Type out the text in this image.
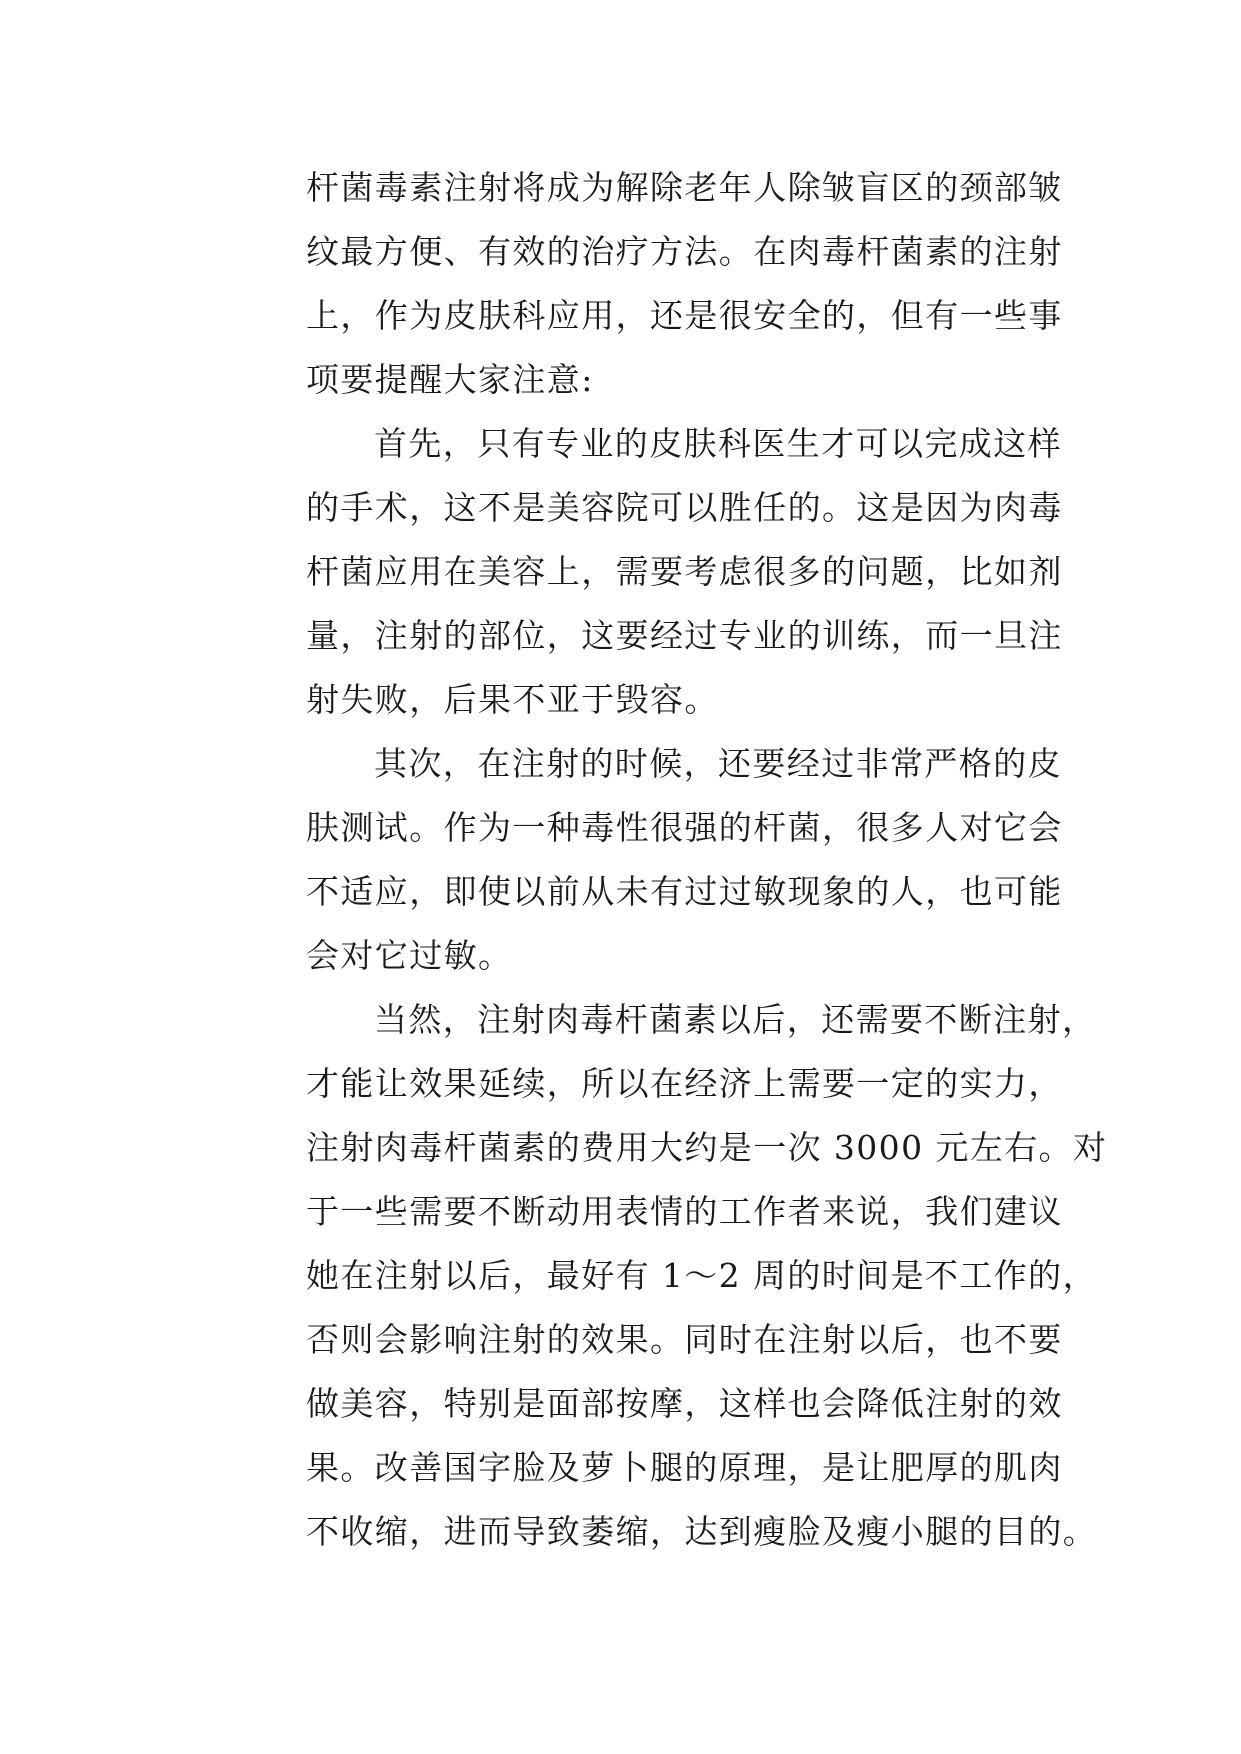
杆菌毒素注射将成为解除老年人除皱盲区的颈部皱
纹最方便、有效的治疗方法。在肉毒杆菌素的注射
上，作为皮肤科应用，还是很安全的，但有一些事
项要提醒大家注意:
首先，只有专业的皮肤科医生才可以完成这样
的手术，这不是美容院可以胜任的。这是因为肉毒
杆菌应用在美容上，需要考虑很多的问题，比如剂
量，注射的部位，这要经过专业的训练，而一旦注
射失败，后果不亚于毁容。
其次，在注射的时候，还要经过非常严格的皮
肤测试。作为一种毒性很强的杆菌，很多人对它会
不适应，即使以前从未有过过敏现象的人，也可能
会对它过敏。
当然，注射肉毒杆菌素以后，还需要不断注射，
才能让效果延续，所以在经济上需要一定的实力，
注射肉毒杆菌素的费用大约是一次 3000 元左右。对
于一些需要不断动用表情的工作者来说，我们建议
她在注射以后，最好有 1～2 周的时间是不工作的，
否则会影响注射的效果。同时在注射以后，也不要
做美容，特别是面部按摩，这样也会降低注射的效
果。改善国字脸及萝卜腿的原理，是让肥厚的肌肉
不收缩，进而导致萎缩，达到瘦脸及瘦小腿的目的。
